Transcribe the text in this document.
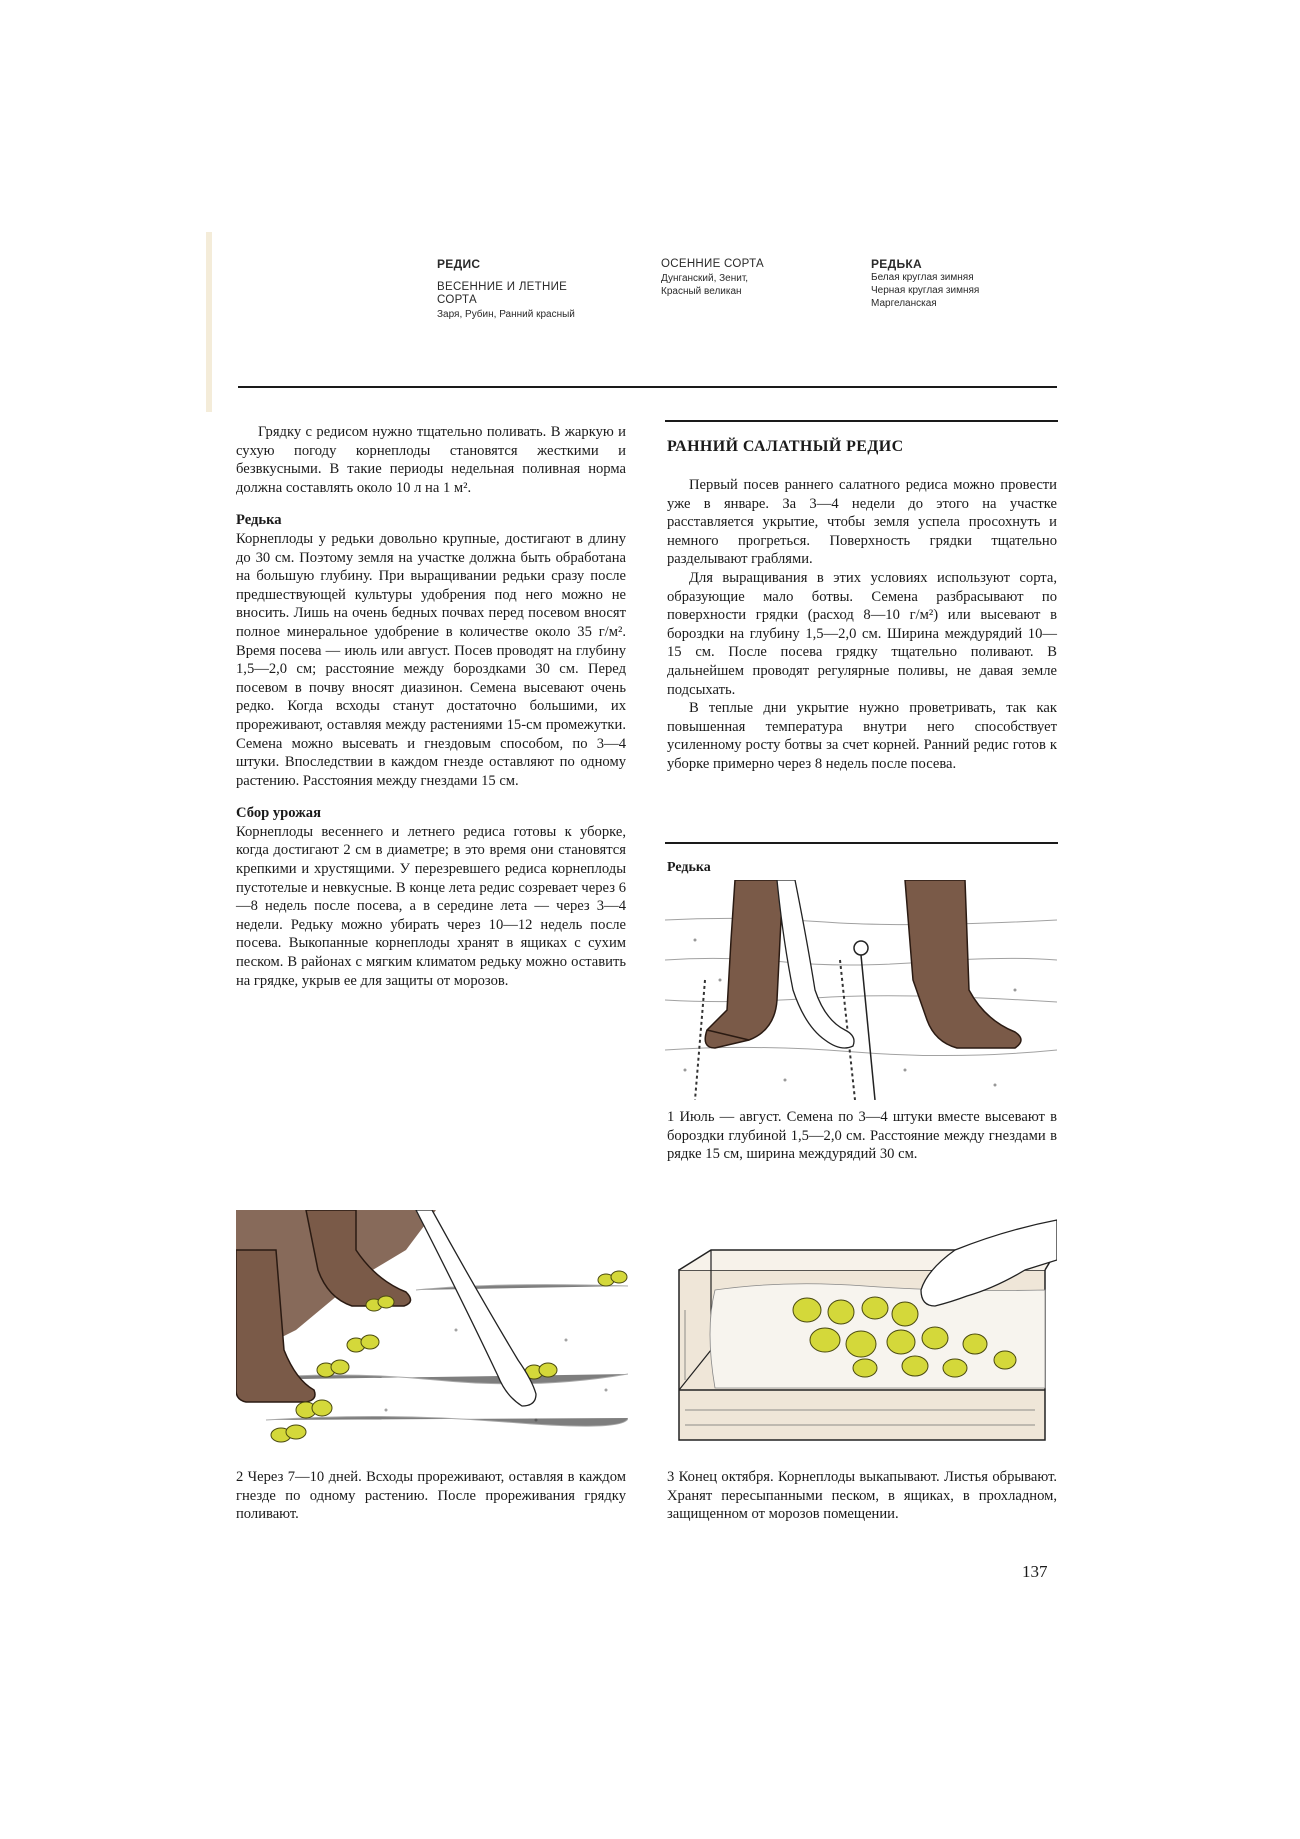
РЕДИС
ВЕСЕННИЕ И ЛЕТНИЕ СОРТА
Заря, Рубин, Ранний красный
ОСЕННИЕ СОРТА
Дунганский, Зенит, Красный великан
РЕДЬКА
Белая круглая зимняя
Черная круглая зимняя
Маргеланская

Грядку с редисом нужно тщательно поливать. В жаркую и сухую погоду корнеплоды становятся жесткими и безвкусными. В такие периоды недельная поливная норма должна составлять около 10 л на 1 м².

Редька

Корнеплоды у редьки довольно крупные, достигают в длину до 30 см. Поэтому земля на участке должна быть обработана на большую глубину. При выращивании редьки сразу после предшествующей культуры удобрения под него можно не вносить. Лишь на очень бедных почвах перед посевом вносят полное минеральное удобрение в количестве около 35 г/м². Время посева — июль или август. Посев проводят на глубину 1,5—2,0 см; расстояние между бороздками 30 см. Перед посевом в почву вносят диазинон. Семена высевают очень редко. Когда всходы станут достаточно большими, их прореживают, оставляя между растениями 15-см промежутки. Семена можно высевать и гнездовым способом, по 3—4 штуки. Впоследствии в каждом гнезде оставляют по одному растению. Расстояния между гнездами 15 см.

Сбор урожая

Корнеплоды весеннего и летнего редиса готовы к уборке, когда достигают 2 см в диаметре; в это время они становятся крепкими и хрустящими. У перезревшего редиса корнеплоды пустотелые и невкусные. В конце лета редис созревает через 6—8 недель после посева, а в середине лета — через 3—4 недели. Редьку можно убирать через 10—12 недель после посева. Выкопанные корнеплоды хранят в ящиках с сухим песком. В районах с мягким климатом редьку можно оставить на грядке, укрыв ее для защиты от морозов.

РАННИЙ САЛАТНЫЙ РЕДИС

Первый посев раннего салатного редиса можно провести уже в январе. За 3—4 недели до этого на участке расставляется укрытие, чтобы земля успела просохнуть и немного прогреться. Поверхность грядки тщательно разделывают граблями.

Для выращивания в этих условиях используют сорта, образующие мало ботвы. Семена разбрасывают по поверхности грядки (расход 8—10 г/м²) или высевают в бороздки на глубину 1,5—2,0 см. Ширина междурядий 10—15 см. После посева грядку тщательно поливают. В дальнейшем проводят регулярные поливы, не давая земле подсыхать.

В теплые дни укрытие нужно проветривать, так как повышенная температура внутри него способствует усиленному росту ботвы за счет корней. Ранний редис готов к уборке примерно через 8 недель после посева.

Редька
1 Июль — август. Семена по 3—4 штуки вместе высевают в бороздки глубиной 1,5—2,0 см. Расстояние между гнездами в рядке 15 см, ширина междурядий 30 см.
2 Через 7—10 дней. Всходы прореживают, оставляя в каждом гнезде по одному растению. После прореживания грядку поливают.
3 Конец октября. Корнеплоды выкапывают. Листья обрывают. Хранят пересыпанными песком, в ящиках, в прохладном, защищенном от морозов помещении.
137
